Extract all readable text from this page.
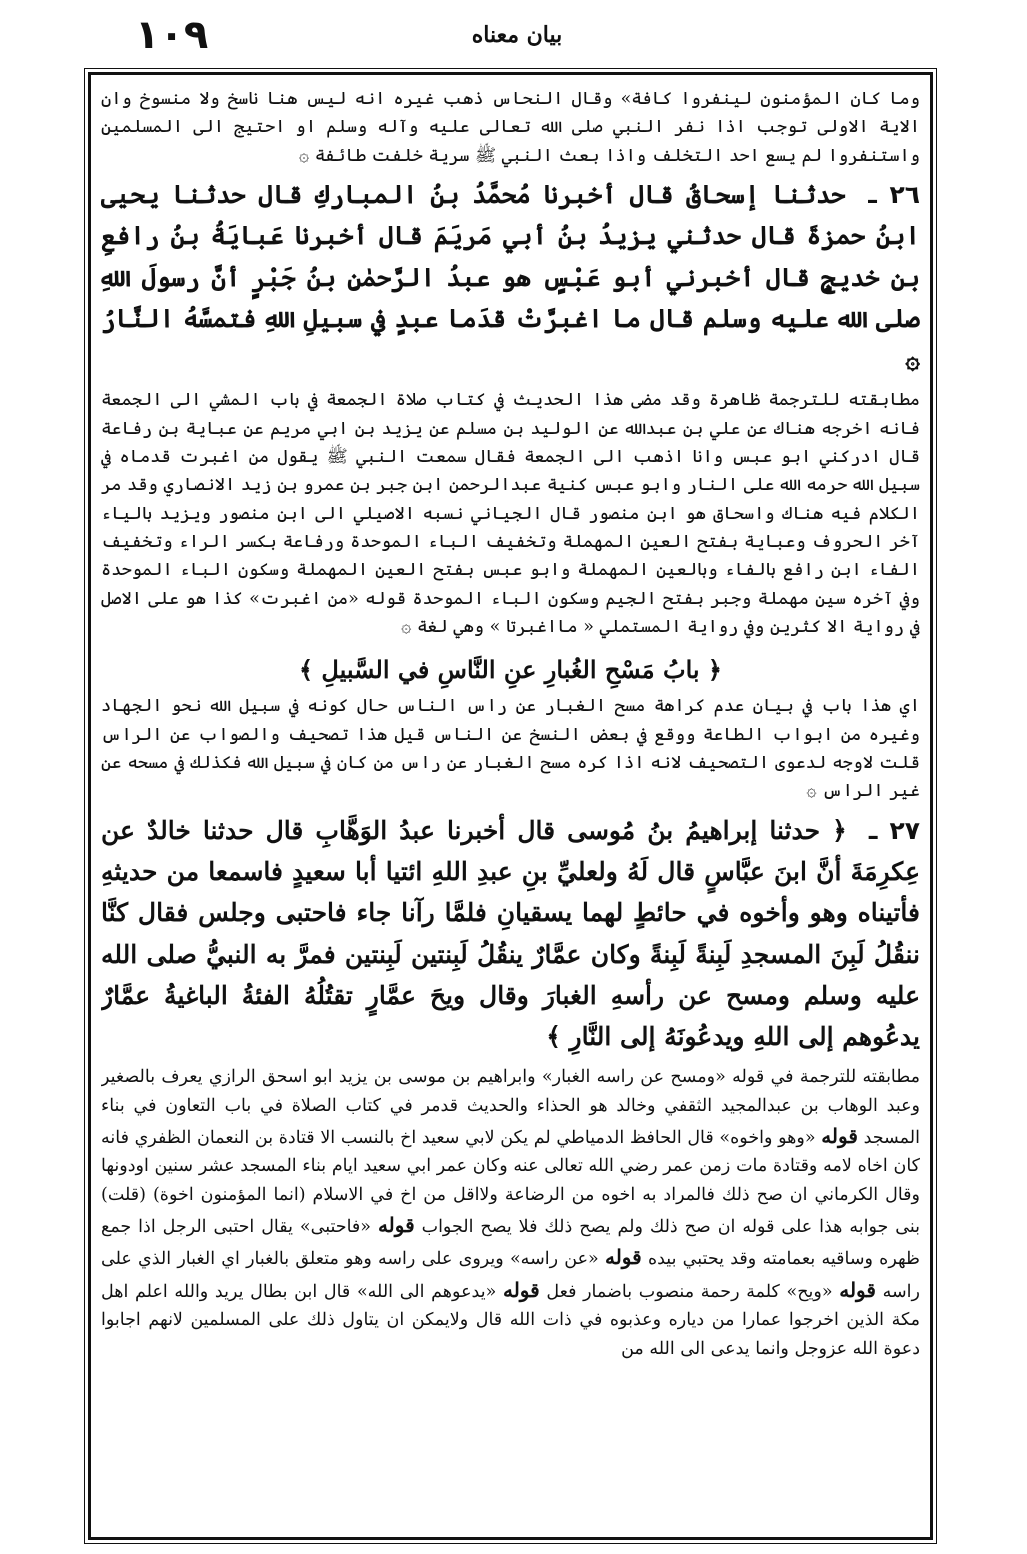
١٠٩	بيان معناه

وما كان المؤمنون لينفروا كافة» وقال النحاس ذهب غيره انه ليس هنا ناسخ ولا منسوخ وان الاية الاولى توجب اذا نفر النبي صلى الله تعالى عليه وآله وسلم او احتيج الى المسلمين واستنفروا لم يسع احد التخلف واذا بعث النبي ﷺ سرية خلفت طائفة ۞

٢٦ ـ حدثنا إسحاقُ قال أخبرنا مُحمَّدُ بنُ المباركِ قال حدثنا يحيى ابنُ حمزةَ قال حدثني يزيدُ بنُ أبي مَريَمَ قال أخبرنا عَبايَةُ بنُ رافعِ بن خديجٍ قال أخبرني أبو عَبْسٍ هو عبدُ الرَّحمٰنِ بنُ جَبْرٍ أنَّ رسولَ اللهِ صلى الله عليه وسلم قال ما اغبرَّتْ قدَما عبدٍ في سبيلِ اللهِ فتمسَّهُ النَّارُ ۞

مطابقته للترجمة ظاهرة وقد مضى هذا الحديث في كتاب صلاة الجمعة في باب المشي الى الجمعة فانه اخرجه هناك عن علي بن عبدالله عن الوليد بن مسلم عن يزيد بن ابي مريم عن عباية بن رفاعة قال ادركني ابو عبس وانا اذهب الى الجمعة فقال سمعت النبي ﷺ يقول من اغبرت قدماه في سبيل الله حرمه الله على النار وابو عبس كنية عبدالرحمن ابن جبر بن عمرو بن زيد الانصاري وقد مر الكلام فيه هناك واسحاق هو ابن منصور قال الجياني نسبه الاصيلي الى ابن منصور ويزيد بالياء آخر الحروف وعباية بفتح العين المهملة وتخفيف الباء الموحدة ورفاعة بكسر الراء وتخفيف الفاء ابن رافع بالفاء وبالعين المهملة وابو عبس بفتح العين المهملة وسكون الباء الموحدة وفي آخره سين مهملة وجبر بفتح الجيم وسكون الباء الموحدة قوله «من اغبرت» كذا هو على الاصل في رواية الا كثرين وفي رواية المستملي « مااغبرتا » وهي لغة ۞

﴿ بابُ مَسْحِ الغُبارِ عنِ النَّاسِ في السَّبيلِ ﴾

اي هذا باب في بيان عدم كراهة مسح الغبار عن راس الناس حال كونه في سبيل الله نحو الجهاد وغيره من ابواب الطاعة ووقع في بعض النسخ عن الناس قيل هذا تصحيف والصواب عن الراس قلت لاوجه لدعوى التصحيف لانه اذا كره مسح الغبار عن راس من كان في سبيل الله فكذلك في مسحه عن غير الراس ۞

٢٧ ـ ﴿ حدثنا إبراهيمُ بنُ مُوسى قال أخبرنا عبدُ الوَهَّابِ قال حدثنا خالدٌ عن عِكرِمَةَ أنَّ ابنَ عبَّاسٍ قال لَهُ ولعليِّ بنِ عبدِ اللهِ ائتيا أبا سعيدٍ فاسمعا من حديثهِ فأتيناه وهو وأخوه في حائطٍ لهما يسقيانِ فلمَّا رآنا جاء فاحتبى وجلس فقال كنَّا ننقُلُ لَبِنَ المسجدِ لَبِنةً لَبِنةً وكان عمَّارٌ ينقُلُ لَبِنتين لَبِنتين فمرَّ به النبيُّ صلى الله عليه وسلم ومسح عن رأسهِ الغبارَ وقال ويحَ عمَّارٍ تقتُلُهُ الفئةُ الباغيةُ عمَّارٌ يدعُوهم إلى اللهِ ويدعُونَهُ إلى النَّارِ ﴾

مطابقته للترجمة في قوله «ومسح عن راسه الغبار» وابراهيم بن موسى بن يزيد ابو اسحق الرازي يعرف بالصغير وعبد الوهاب بن عبدالمجيد الثقفي وخالد هو الحذاء والحديث قدمر في كتاب الصلاة في باب التعاون في بناء المسجد قوله «وهو واخوه» قال الحافظ الدمياطي لم يكن لابي سعيد اخ بالنسب الا قتادة بن النعمان الظفري فانه كان اخاه لامه وقتادة مات زمن عمر رضي الله تعالى عنه وكان عمر ابي سعيد ايام بناء المسجد عشر سنين اودونها وقال الكرماني ان صح ذلك فالمراد به اخوه من الرضاعة ولااقل من اخ في الاسلام (انما المؤمنون اخوة) (قلت) بنى جوابه هذا على قوله ان صح ذلك ولم يصح ذلك فلا يصح الجواب قوله «فاحتبى» يقال احتبى الرجل اذا جمع ظهره وساقيه بعمامته وقد يحتبي بيده قوله «عن راسه» ويروى على راسه وهو متعلق بالغبار اي الغبار الذي على راسه قوله «ويح» كلمة رحمة منصوب باضمار فعل قوله «يدعوهم الى الله» قال ابن بطال يريد والله اعلم اهل مكة الذين اخرجوا عمارا من دياره وعذبوه في ذات الله قال ولايمكن ان يتاول ذلك على المسلمين لانهم اجابوا دعوة الله عزوجل وانما يدعى الى الله من
